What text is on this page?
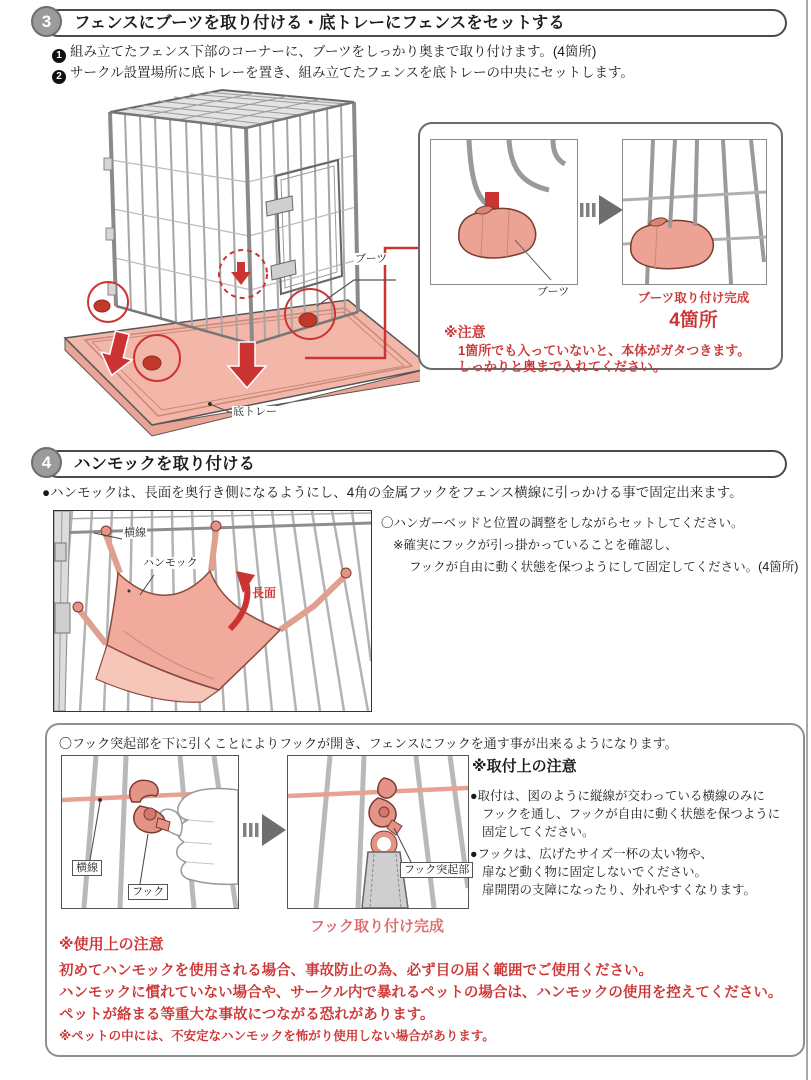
3	フェンスにブーツを取り付ける・底トレーにフェンスをセットする
1 組み立てたフェンス下部のコーナーに、ブーツをしっかり奥まで取り付けます。(4箇所)
2 サークル設置場所に底トレーを置き、組み立てたフェンスを底トレーの中央にセットします。
ブーツ
底トレー
ブーツ	ブーツ取り付け完成
4箇所
※注意
1箇所でも入っていないと、本体がガタつきます。
しっかりと奥まで入れてください。
4	ハンモックを取り付ける
●ハンモックは、長面を奥行き側になるようにし、4角の金属フックをフェンス横線に引っかける事で固定出来ます。
横線
ハンモック
長面
〇ハンガーベッドと位置の調整をしながらセットしてください。
※確実にフックが引っ掛かっていることを確認し、
フックが自由に動く状態を保つようにして固定してください。(4箇所)
〇フック突起部を下に引くことによりフックが開き、フェンスにフックを通す事が出来るようになります。
横線
フック
フック突起部
フック取り付け完成
※取付上の注意
●取付は、図のように縦線が交わっている横線のみに
フックを通し、フックが自由に動く状態を保つように
固定してください。
●フックは、広げたサイズ一杯の太い物や、
扉など動く物に固定しないでください。
扉開閉の支障になったり、外れやすくなります。
※使用上の注意
初めてハンモックを使用される場合、事故防止の為、必ず目の届く範囲でご使用ください。
ハンモックに慣れていない場合や、サークル内で暴れるペットの場合は、ハンモックの使用を控えてください。
ペットが絡まる等重大な事故につながる恐れがあります。
※ペットの中には、不安定なハンモックを怖がり使用しない場合があります。
